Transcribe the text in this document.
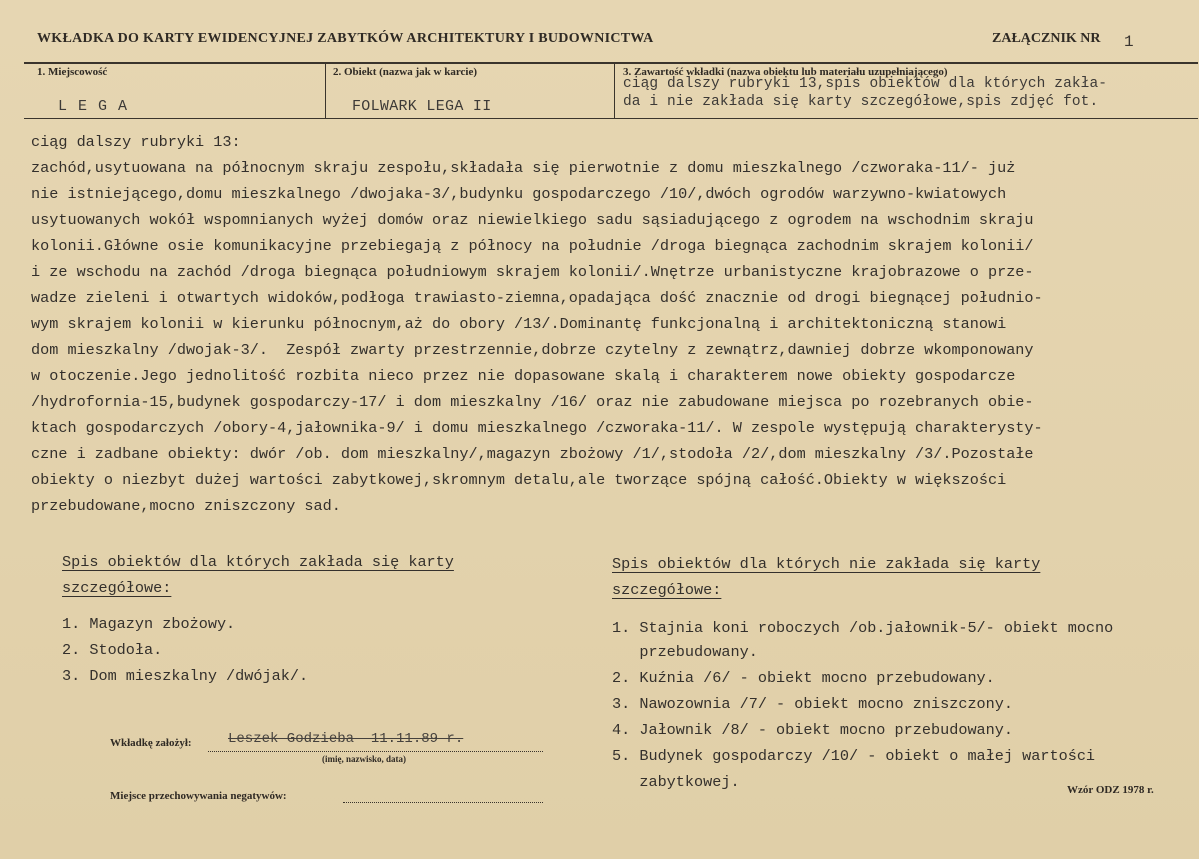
WKŁADKA DO KARTY EWIDENCYJNEJ ZABYTKÓW ARCHITEKTURY I BUDOWNICTWA	ZAŁĄCZNIK NR 1
1. Miejscowość
L E G A
2. Obiekt (nazwa jak w karcie)
FOLWARK LEGA II
3. Zawartość wkładki (nazwa obiektu lub materiału uzupełniającego)
ciąg dalszy rubryki 13,spis obiektów dla których zakła-
da i nie zakłada się karty szczegółowe,spis zdjęć fot.
ciąg dalszy rubryki 13:
zachód,usytuowana na północnym skraju zespołu,składała się pierwotnie z domu mieszkalnego /czworaka-11/- już
nie istniejącego,domu mieszkalnego /dwojaka-3/,budynku gospodarczego /10/,dwóch ogrodów warzywno-kwiatowych
usytuowanych wokół wspomnianych wyżej domów oraz niewielkiego sadu sąsiadującego z ogrodem na wschodnim skraju
kolonii.Główne osie komunikacyjne przebiegają z północy na południe /droga biegnąca zachodnim skrajem kolonii/
i ze wschodu na zachód /droga biegnąca południowym skrajem kolonii/.Wnętrze urbanistyczne krajobrazowe o prze-
wadze zieleni i otwartych widoków,podłoga trawiasto-ziemna,opadająca dość znacznie od drogi biegnącej południo-
wym skrajem kolonii w kierunku północnym,aż do obory /13/.Dominantę funkcjonalną i architektoniczną stanowi
dom mieszkalny /dwojak-3/.  Zespół zwarty przestrzennie,dobrze czytelny z zewnątrz,dawniej dobrze wkomponowany
w otoczenie.Jego jednolitość rozbita nieco przez nie dopasowane skalą i charakterem nowe obiekty gospodarcze
/hydrofornia-15,budynek gospodarczy-17/ i dom mieszkalny /16/ oraz nie zabudowane miejsca po rozebranych obie-
ktach gospodarczych /obory-4,jałownika-9/ i domu mieszkalnego /czworaka-11/. W zespole występują charakterysty-
czne i zadbane obiekty: dwór /ob. dom mieszkalny/,magazyn zbożowy /1/,stodoła /2/,dom mieszkalny /3/.Pozostałe
obiekty o niezbyt dużej wartości zabytkowej,skromnym detalu,ale tworzące spójną całość.Obiekty w większości
przebudowane,mocno zniszczony sad.
Spis obiektów dla których zakłada się karty
szczegółowe:
1. Magazyn zbożowy.
2. Stodoła.
3. Dom mieszkalny /dwójak/.
Spis obiektów dla których nie zakłada się karty
szczegółowe:
1. Stajnia koni roboczych /ob.jałownik-5/- obiekt mocno
przebudowany.
2. Kuźnia /6/ - obiekt mocno przebudowany.
3. Nawozownia /7/ - obiekt mocno zniszczony.
4. Jałownik /8/ - obiekt mocno przebudowany.
5. Budynek gospodarczy /10/ - obiekt o małej wartości
zabytkowej.
Wkładkę założył:	Leszek Godzieba  11.11.89 r.
(imię, nazwisko, data)
Miejsce przechowywania negatywów:	Wzór ODZ 1978 r.
